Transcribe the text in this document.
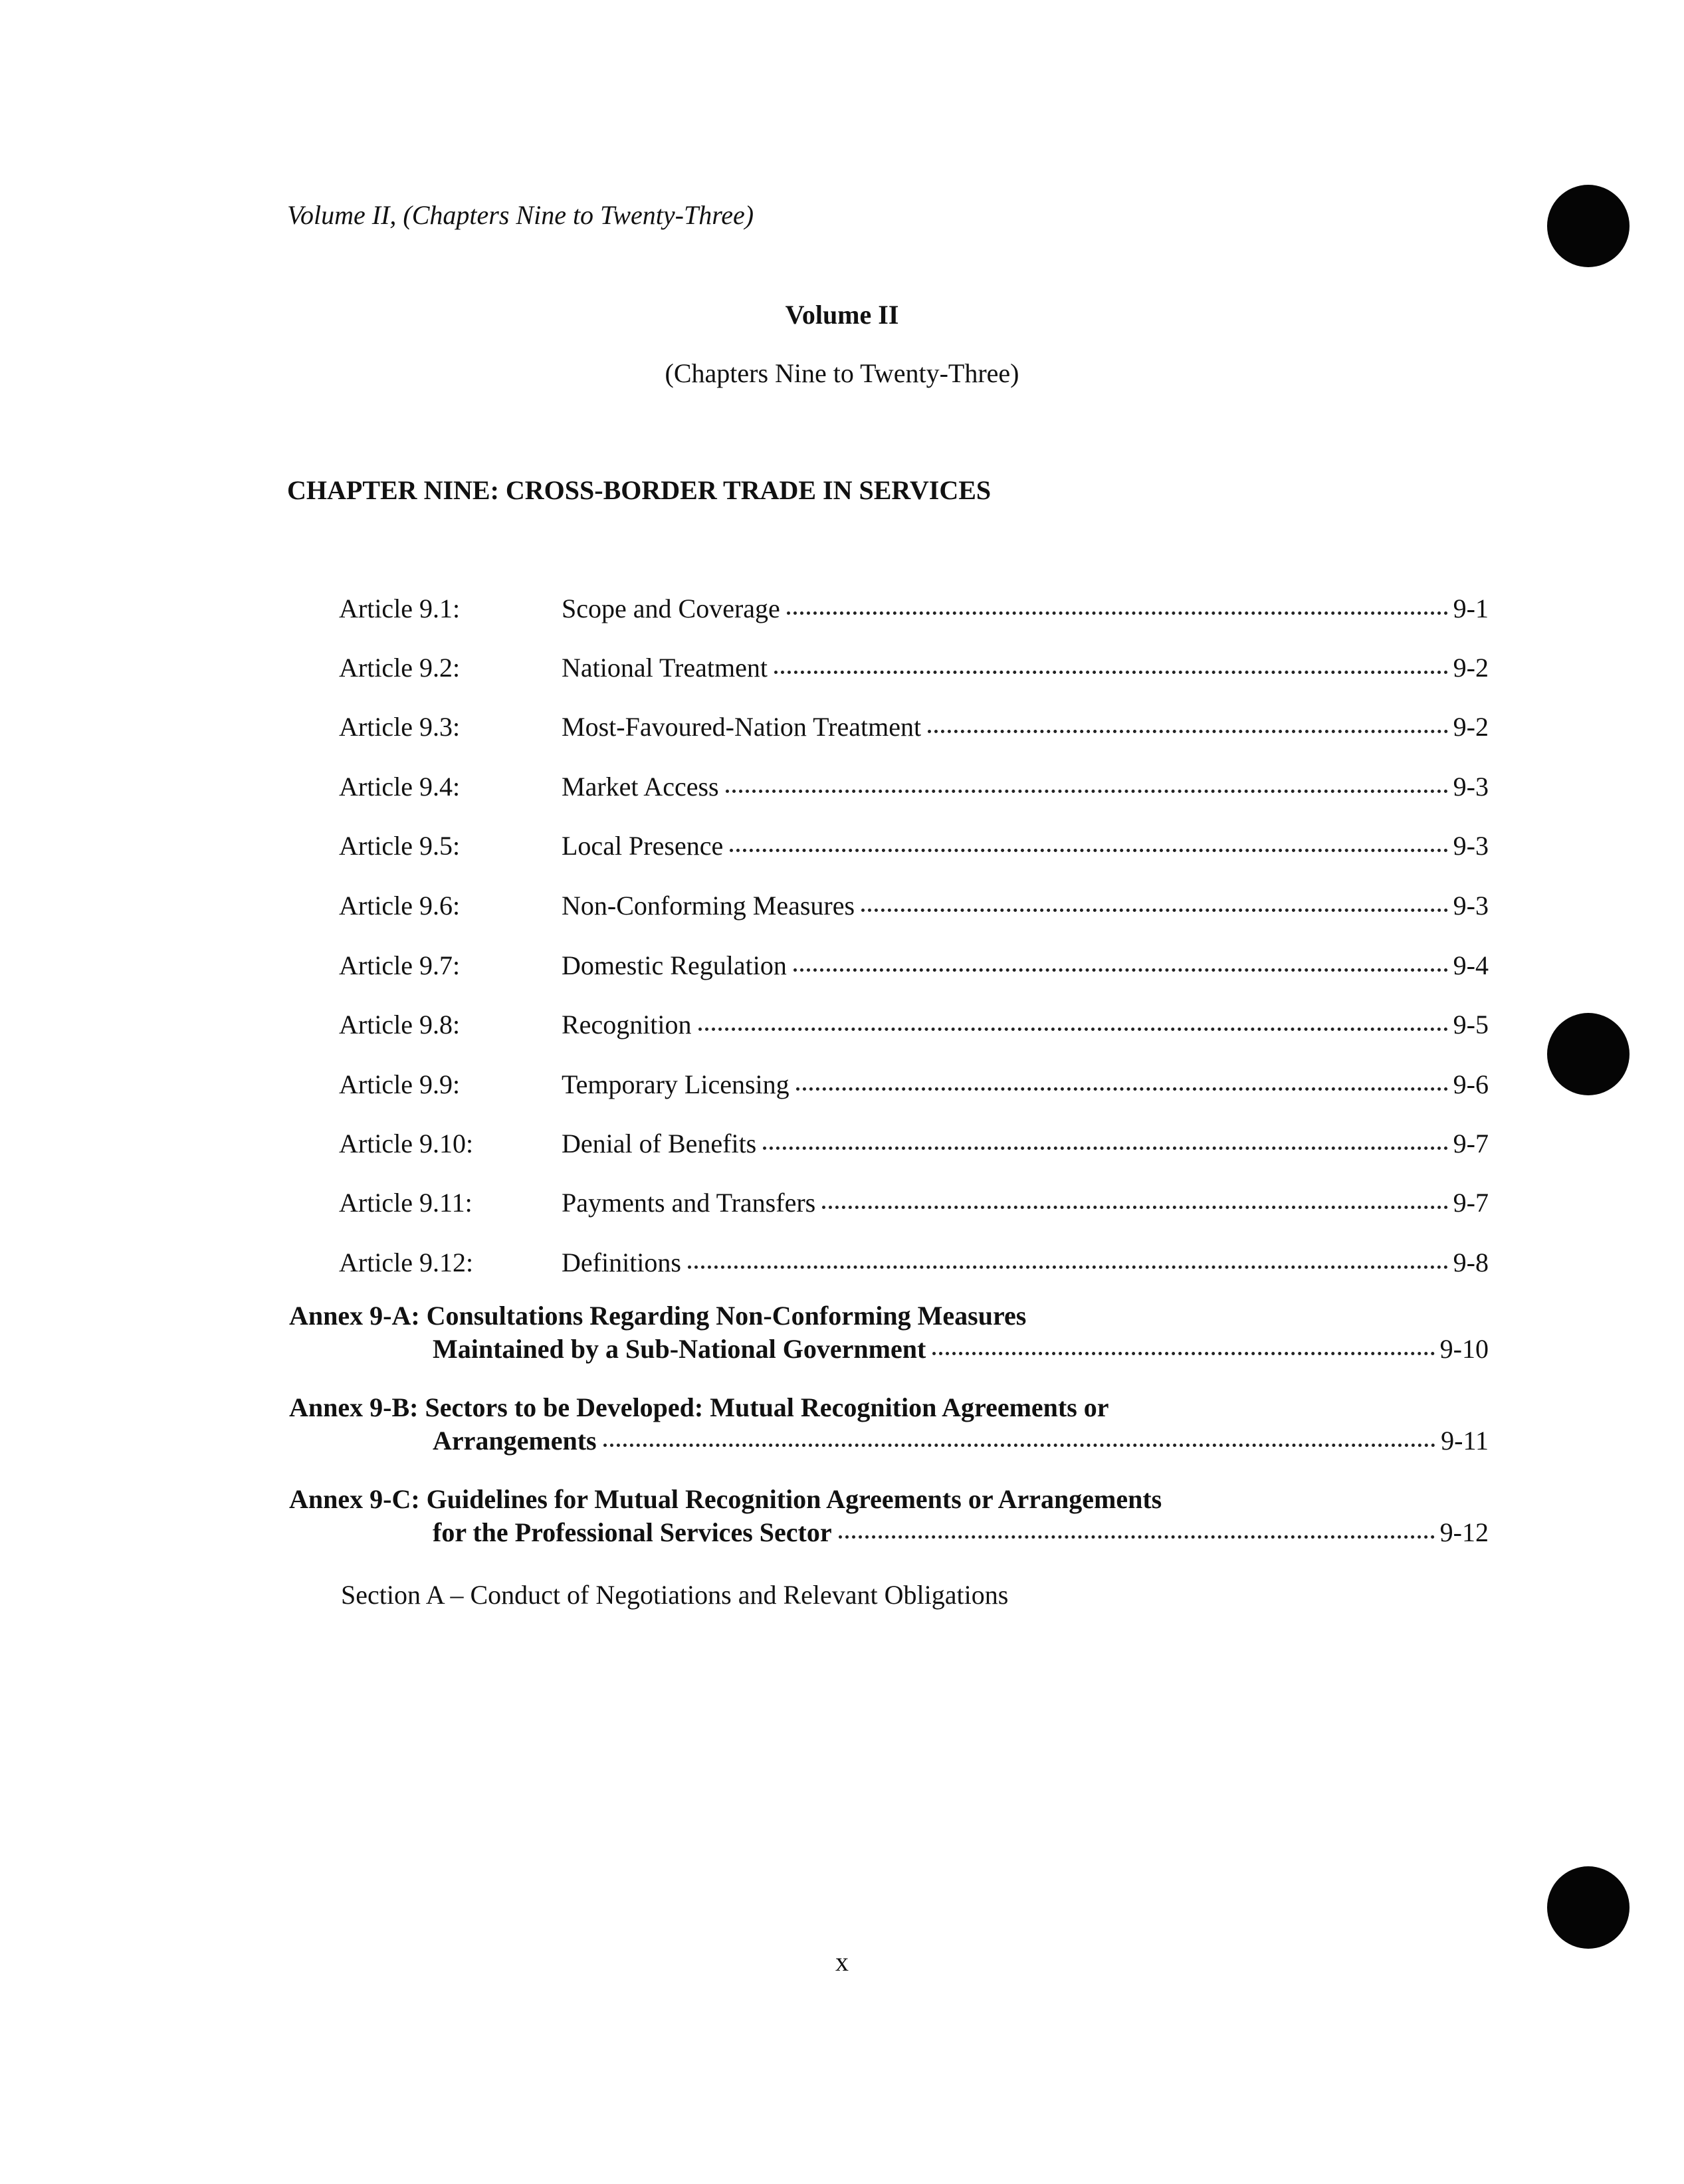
Volume II, (Chapters Nine to Twenty-Three)
Volume II
(Chapters Nine to Twenty-Three)
CHAPTER NINE: CROSS-BORDER TRADE IN SERVICES
Article 9.1:	Scope and Coverage	9-1
Article 9.2:	National Treatment	9-2
Article 9.3:	Most-Favoured-Nation Treatment	9-2
Article 9.4:	Market Access	9-3
Article 9.5:	Local Presence	9-3
Article 9.6:	Non-Conforming Measures	9-3
Article 9.7:	Domestic Regulation	9-4
Article 9.8:	Recognition	9-5
Article 9.9:	Temporary Licensing	9-6
Article 9.10:	Denial of Benefits	9-7
Article 9.11:	Payments and Transfers	9-7
Article 9.12:	Definitions	9-8
Annex 9-A: Consultations Regarding Non-Conforming Measures
Maintained by a Sub-National Government	9-10
Annex 9-B: Sectors to be Developed: Mutual Recognition Agreements or
Arrangements	9-11
Annex 9-C: Guidelines for Mutual Recognition Agreements or Arrangements
for the Professional Services Sector	9-12
Section A – Conduct of Negotiations and Relevant Obligations
x
